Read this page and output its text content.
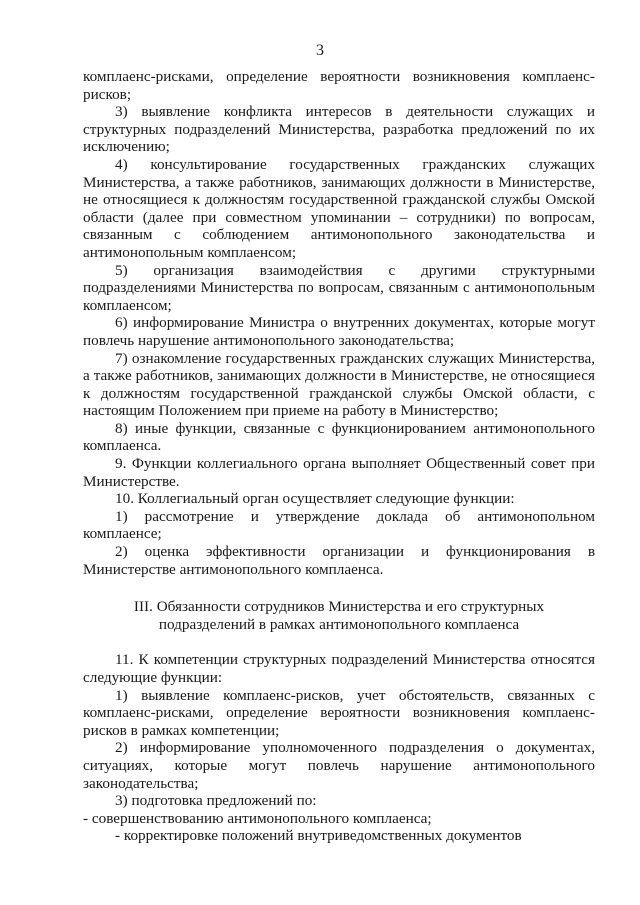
3

комплаенс-рисками, определение вероятности возникновения комплаенс-рисков;

3) выявление конфликта интересов в деятельности служащих и структурных подразделений Министерства, разработка предложений по их исключению;

4) консультирование государственных гражданских служащих Министерства, а также работников, занимающих должности в Министерстве, не относящиеся к должностям государственной гражданской службы Омской области (далее при совместном упоминании – сотрудники) по вопросам, связанным с соблюдением антимонопольного законодательства и антимонопольным комплаенсом;

5) организация взаимодействия с другими структурными подразделениями Министерства по вопросам, связанным с антимонопольным комплаенсом;

6) информирование Министра о внутренних документах, которые могут повлечь нарушение антимонопольного законодательства;

7) ознакомление государственных гражданских служащих Министерства, а также работников, занимающих должности в Министерстве, не относящиеся к должностям государственной гражданской службы Омской области, с настоящим Положением при приеме на работу в Министерство;

8) иные функции, связанные с функционированием антимонопольного комплаенса.

9. Функции коллегиального органа выполняет Общественный совет при Министерстве.

10. Коллегиальный орган осуществляет следующие функции:

1) рассмотрение и утверждение доклада об антимонопольном комплаенсе;

2) оценка эффективности организации и функционирования в Министерстве антимонопольного комплаенса.

III. Обязанности сотрудников Министерства и его структурных
подразделений в рамках антимонопольного комплаенса

11. К компетенции структурных подразделений Министерства относятся следующие функции:

1) выявление комплаенс-рисков, учет обстоятельств, связанных с комплаенс-рисками, определение вероятности возникновения комплаенс-рисков в рамках компетенции;

2) информирование уполномоченного подразделения о документах, ситуациях, которые могут повлечь нарушение антимонопольного законодательства;

3) подготовка предложений по:

- совершенствованию антимонопольного комплаенса;

- корректировке положений внутриведомственных документов
